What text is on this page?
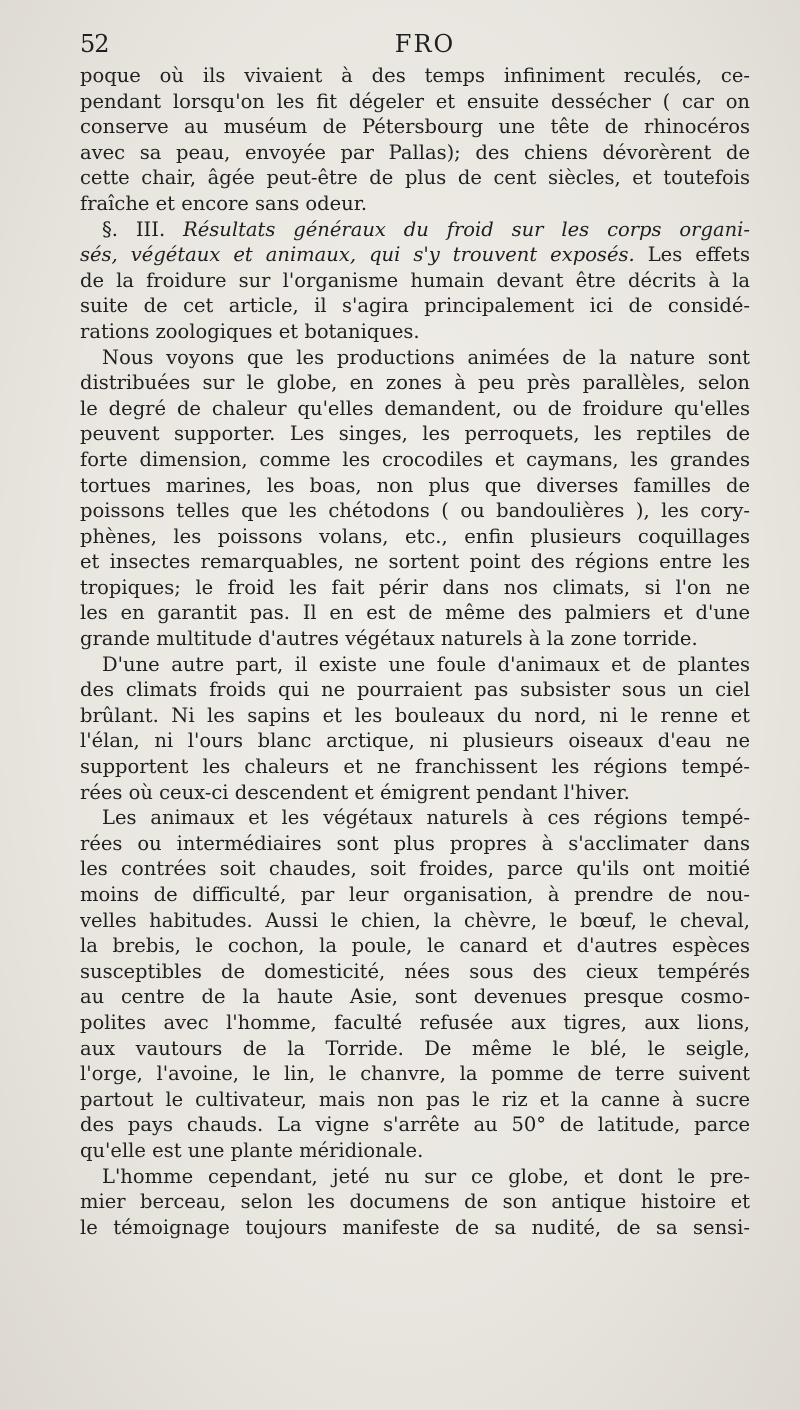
52	FRO
poque où ils vivaient à des temps infiniment reculés, ce-
pendant lorsqu'on les fit dégeler et ensuite dessécher ( car on
conserve au muséum de Pétersbourg une tête de rhinocéros
avec sa peau, envoyée par Pallas); des chiens dévorèrent de
cette chair, âgée peut-être de plus de cent siècles, et toutefois
fraîche et encore sans odeur.
§. III. Résultats généraux du froid sur les corps organi-
sés, végétaux et animaux, qui s'y trouvent exposés. Les effets
de la froidure sur l'organisme humain devant être décrits à la
suite de cet article, il s'agira principalement ici de considé-
rations zoologiques et botaniques.
Nous voyons que les productions animées de la nature sont
distribuées sur le globe, en zones à peu près parallèles, selon
le degré de chaleur qu'elles demandent, ou de froidure qu'elles
peuvent supporter. Les singes, les perroquets, les reptiles de
forte dimension, comme les crocodiles et caymans, les grandes
tortues marines, les boas, non plus que diverses familles de
poissons telles que les chétodons ( ou bandoulières ), les cory-
phènes, les poissons volans, etc., enfin plusieurs coquillages
et insectes remarquables, ne sortent point des régions entre les
tropiques; le froid les fait périr dans nos climats, si l'on ne
les en garantit pas. Il en est de même des palmiers et d'une
grande multitude d'autres végétaux naturels à la zone torride.
D'une autre part, il existe une foule d'animaux et de plantes
des climats froids qui ne pourraient pas subsister sous un ciel
brûlant. Ni les sapins et les bouleaux du nord, ni le renne et
l'élan, ni l'ours blanc arctique, ni plusieurs oiseaux d'eau ne
supportent les chaleurs et ne franchissent les régions tempé-
rées où ceux-ci descendent et émigrent pendant l'hiver.
Les animaux et les végétaux naturels à ces régions tempé-
rées ou intermédiaires sont plus propres à s'acclimater dans
les contrées soit chaudes, soit froides, parce qu'ils ont moitié
moins de difficulté, par leur organisation, à prendre de nou-
velles habitudes. Aussi le chien, la chèvre, le bœuf, le cheval,
la brebis, le cochon, la poule, le canard et d'autres espèces
susceptibles de domesticité, nées sous des cieux tempérés
au centre de la haute Asie, sont devenues presque cosmo-
polites avec l'homme, faculté refusée aux tigres, aux lions,
aux vautours de la Torride. De même le blé, le seigle,
l'orge, l'avoine, le lin, le chanvre, la pomme de terre suivent
partout le cultivateur, mais non pas le riz et la canne à sucre
des pays chauds. La vigne s'arrête au 50° de latitude, parce
qu'elle est une plante méridionale.
L'homme cependant, jeté nu sur ce globe, et dont le pre-
mier berceau, selon les documens de son antique histoire et
le témoignage toujours manifeste de sa nudité, de sa sensi-
